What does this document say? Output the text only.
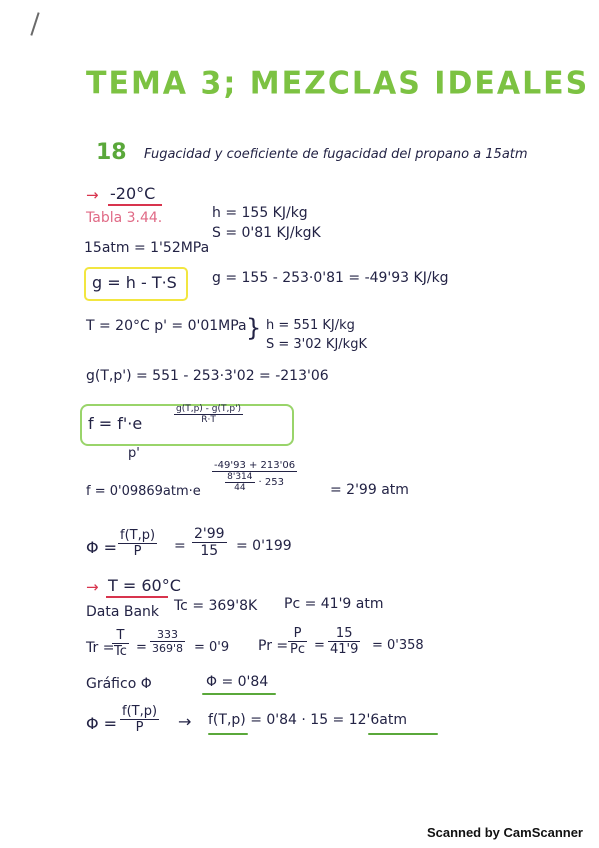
TEMA 3; MEZCLAS IDEALES
18 Fugacidad y coeficiente de fugacidad del propano a 15atm
→ -20°C
Tabla 3.44.	h = 155 KJ/kg
S = 0'81 KJ/kgK
15atm = 1'52MPa
g = h - T·S	g = 155 - 253·0'81 = -49'93 KJ/kg
T = 20°C p' = 0'01MPa } h = 551 KJ/kg
S = 3'02 KJ/kgK
g(T,p') = 551 - 253·3'02 = -213'06
f = f'·e	$\frac{g(T,p) - g(T,p')}{R\cdot T}$
p'
$f = 0'09869atm\cdot e \frac{-49'93 + 213'06}{\frac{8'314}{44} \cdot 253} = 2'99$ atm
$\Phi = \frac{f(T,p)}{P} = \frac{2'99}{15} = 0'199$
→ T = 60°C
Data Bank Tc = 369'8K Pc = 41'9 atm
Tr =
$\frac{T}{Tc} = \frac{333}{369'8} = 0'9$ $Pr = \frac{P}{Pc} = \frac{15}{41'9} = 0'358$
Gráfico Φ	Φ = 0'84
$\Phi = \frac{f(T,p)}{P} \to f(T,p) = 0'84 \cdot 15 = 12'6atm$
Scanned by CamScanner
